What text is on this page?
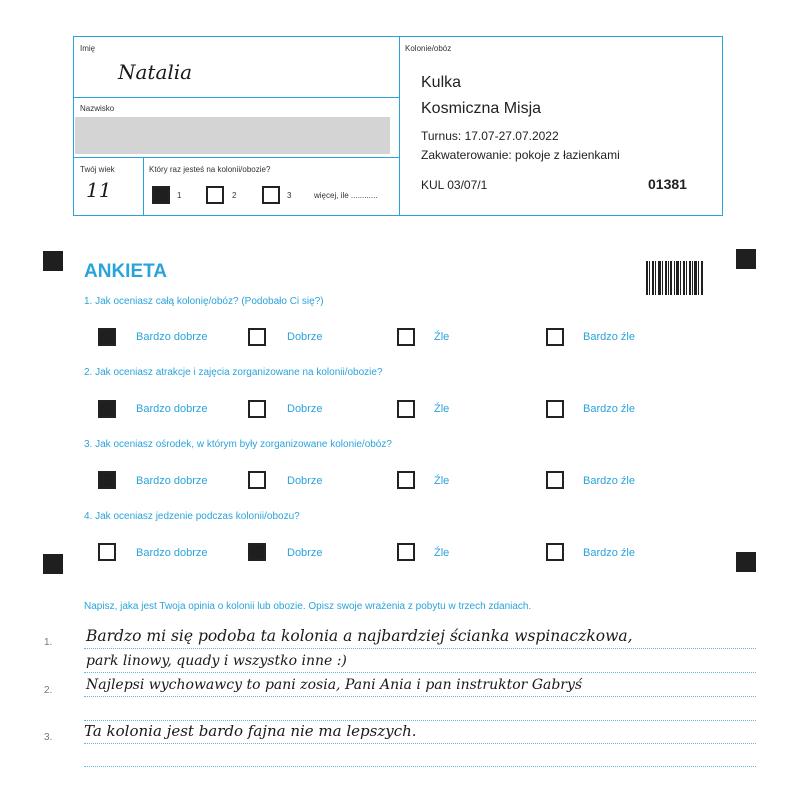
Imię
Natalia
Nazwisko
Twój wiek
11
Który raz jesteś na kolonii/obozie?
1	2	3	więcej, ile ............
Kolonie/obóz
Kulka
Kosmiczna Misja
Turnus: 17.07-27.07.2022
Zakwaterowanie: pokoje z łazienkami
KUL 03/07/1	01381
ANKIETA
1. Jak oceniasz całą kolonię/obóz? (Podobało Ci się?)
Bardzo dobrze	Dobrze	Źle	Bardzo źle
2. Jak oceniasz atrakcje i zajęcia zorganizowane na kolonii/obozie?
Bardzo dobrze	Dobrze	Źle	Bardzo źle
3. Jak oceniasz ośrodek, w którym były zorganizowane kolonie/obóz?
Bardzo dobrze	Dobrze	Źle	Bardzo źle
4. Jak oceniasz jedzenie podczas kolonii/obozu?
Bardzo dobrze	Dobrze	Źle	Bardzo źle
Napisz, jaka jest Twoja opinia o kolonii lub obozie. Opisz swoje wrażenia z pobytu w trzech zdaniach.
1.
2.
3.
Bardzo mi się podoba ta kolonia a najbardziej ścianka wspinaczkowa,
park linowy, quady i wszystko inne :)
Najlepsi wychowawcy to pani zosia, Pani Ania i pan instruktor Gabryś
Ta kolonia jest bardo fajna nie ma lepszych.
